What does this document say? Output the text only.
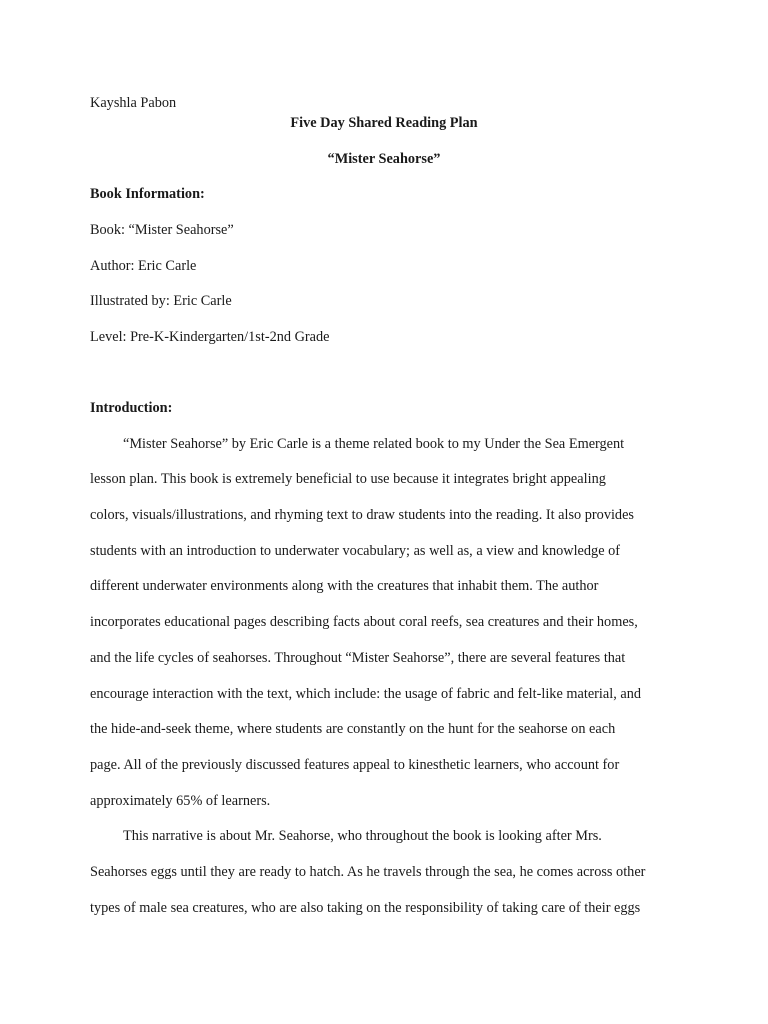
Kayshla Pabon

Five Day Shared Reading Plan

“Mister Seahorse”

Book Information:

Book: “Mister Seahorse”

Author: Eric Carle

Illustrated by: Eric Carle

Level: Pre-K-Kindergarten/1st-2nd Grade

Introduction:

“Mister Seahorse” by Eric Carle is a theme related book to my Under the Sea Emergent

lesson plan. This book is extremely beneficial to use because it integrates bright appealing

colors, visuals/illustrations, and rhyming text to draw students into the reading. It also provides

students with an introduction to underwater vocabulary; as well as, a view and knowledge of

different underwater environments along with the creatures that inhabit them. The author

incorporates educational pages describing facts about coral reefs, sea creatures and their homes,

and the life cycles of seahorses. Throughout “Mister Seahorse”, there are several features that

encourage interaction with the text, which include: the usage of fabric and felt-like material, and

the hide-and-seek theme, where students are constantly on the hunt for the seahorse on each

page. All of the previously discussed features appeal to kinesthetic learners, who account for

approximately 65% of learners.

This narrative is about Mr. Seahorse, who throughout the book is looking after Mrs.

Seahorses eggs until they are ready to hatch. As he travels through the sea, he comes across other

types of male sea creatures, who are also taking on the responsibility of taking care of their eggs
